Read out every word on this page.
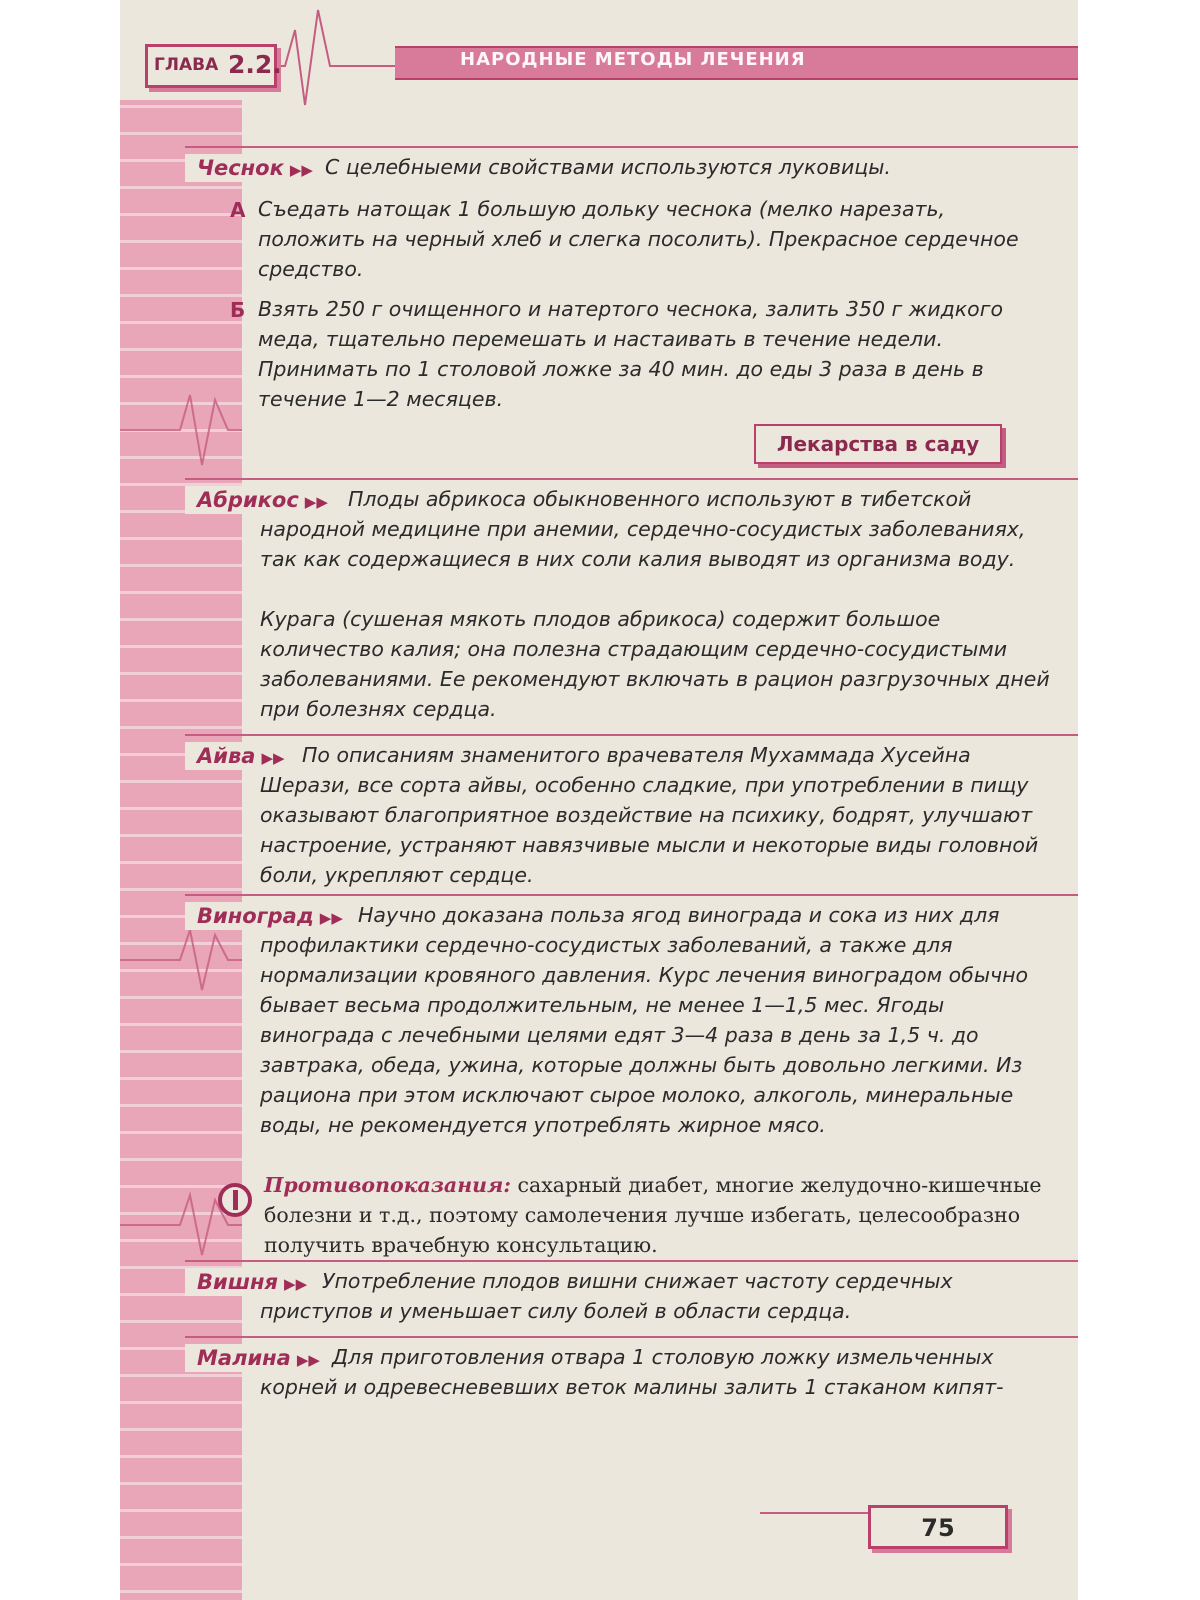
НАРОДНЫЕ МЕТОДЫ ЛЕЧЕНИЯ
ГЛАВА 2.2.
Чеснок ▶▶ С целебныеми свойствами используются луковицы.

А Съедать натощак 1 большую дольку чеснока (мелко нарезать, положить на черный хлеб и слегка посолить). Прекрасное сердечное средство.

Б Взять 250 г очищенного и натертого чеснока, залить 350 г жидкого меда, тщательно перемешать и настаивать в течение недели. Принимать по 1 столовой ложке за 40 мин. до еды 3 раза в день в течение 1—2 месяцев.

Лекарства в саду
Абрикос ▶▶ Плоды абрикоса обыкновенного используют в тибетской народной медицине при анемии, сердечно-сосудистых заболеваниях, так как содержащиеся в них соли калия выводят из организма воду.

Курага (сушеная мякоть плодов абрикоса) содержит большое количество калия; она полезна страдающим сердечно-сосудистыми заболеваниями. Ее рекомендуют включать в рацион разгрузочных дней при болезнях сердца.

Айва ▶▶ По описаниям знаменитого врачевателя Мухаммада Хусейна Шерази, все сорта айвы, особенно сладкие, при употреблении в пищу оказывают благоприятное воздействие на психику, бодрят, улучшают настроение, устраняют навязчивые мысли и некоторые виды головной боли, укрепляют сердце.

Виноград ▶▶ Научно доказана польза ягод винограда и сока из них для профилактики сердечно-сосудистых заболеваний, а также для нормализации кровяного давления. Курс лечения виноградом обычно бывает весьма продолжительным, не менее 1—1,5 мес. Ягоды винограда с лечебными целями едят 3—4 раза в день за 1,5 ч. до завтрака, обеда, ужина, которые должны быть довольно легкими. Из рациона при этом исключают сырое молоко, алкоголь, минеральные воды, не рекомендуется употреблять жирное мясо.

Противопоказания: сахарный диабет, многие желудочно-кишечные болезни и т.д., поэтому самолечения лучше избегать, целесообразно получить врачебную консультацию.
Вишня ▶▶ Употребление плодов вишни снижает частоту сердечных приступов и уменьшает силу болей в области сердца.

Малина ▶▶ Для приготовления отвара 1 столовую ложку измельченных корней и одревесневевших веток малины залить 1 стаканом кипят-

75
